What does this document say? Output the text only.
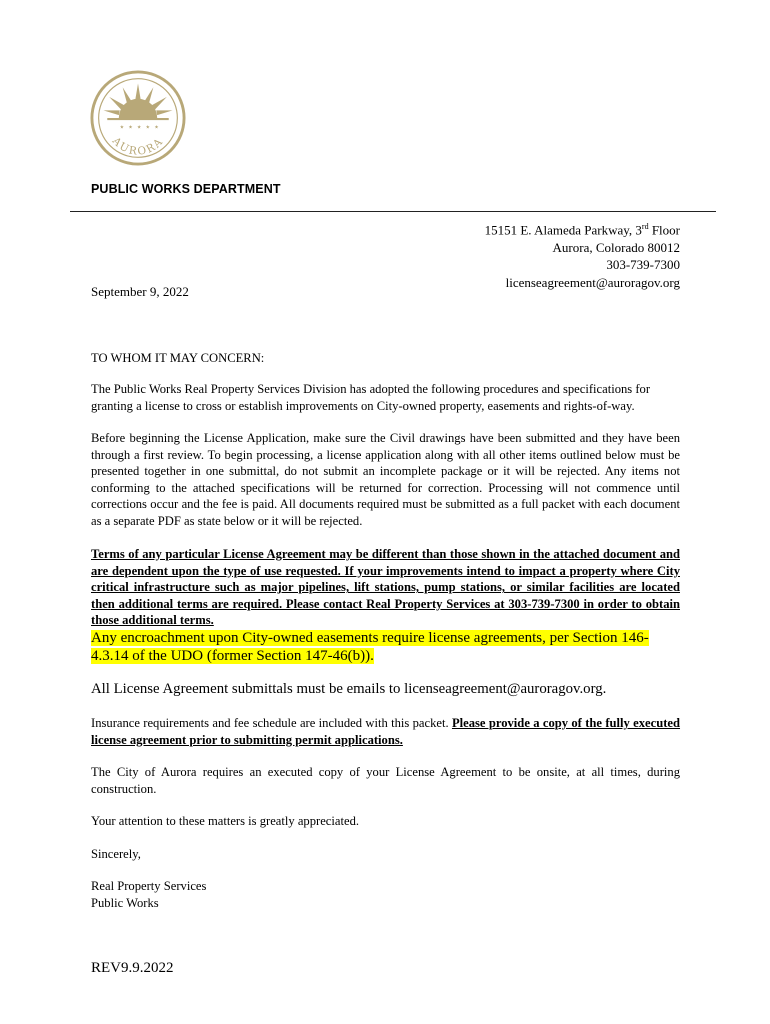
★ ★ ★ ★ ★
AURORA
PUBLIC WORKS DEPARTMENT
15151 E. Alameda Parkway, 3rd Floor
Aurora, Colorado 80012
303-739-7300
licenseagreement@auroragov.org
September 9, 2022
TO WHOM IT MAY CONCERN:
The Public Works Real Property Services Division has adopted the following procedures and specifications for granting a license to cross or establish improvements on City-owned property, easements and rights-of-way.
Before beginning the License Application, make sure the Civil drawings have been submitted and they have been through a first review. To begin processing, a license application along with all other items outlined below must be presented together in one submittal, do not submit an incomplete package or it will be rejected. Any items not conforming to the attached specifications will be returned for correction. Processing will not commence until corrections occur and the fee is paid. All documents required must be submitted as a full packet with each document as a separate PDF as state below or it will be rejected.
Terms of any particular License Agreement may be different than those shown in the attached document and are dependent upon the type of use requested. If your improvements intend to impact a property where City critical infrastructure such as major pipelines, lift stations, pump stations, or similar facilities are located then additional terms are required. Please contact Real Property Services at 303-739-7300 in order to obtain those additional terms.
Any encroachment upon City-owned easements require license agreements, per Section 146-4.3.14 of the UDO (former Section 147-46(b)).
All License Agreement submittals must be emails to licenseagreement@auroragov.org.
Insurance requirements and fee schedule are included with this packet. Please provide a copy of the fully executed license agreement prior to submitting permit applications.
The City of Aurora requires an executed copy of your License Agreement to be onsite, at all times, during construction.
Your attention to these matters is greatly appreciated.
Sincerely,
Real Property Services
Public Works
REV9.9.2022
